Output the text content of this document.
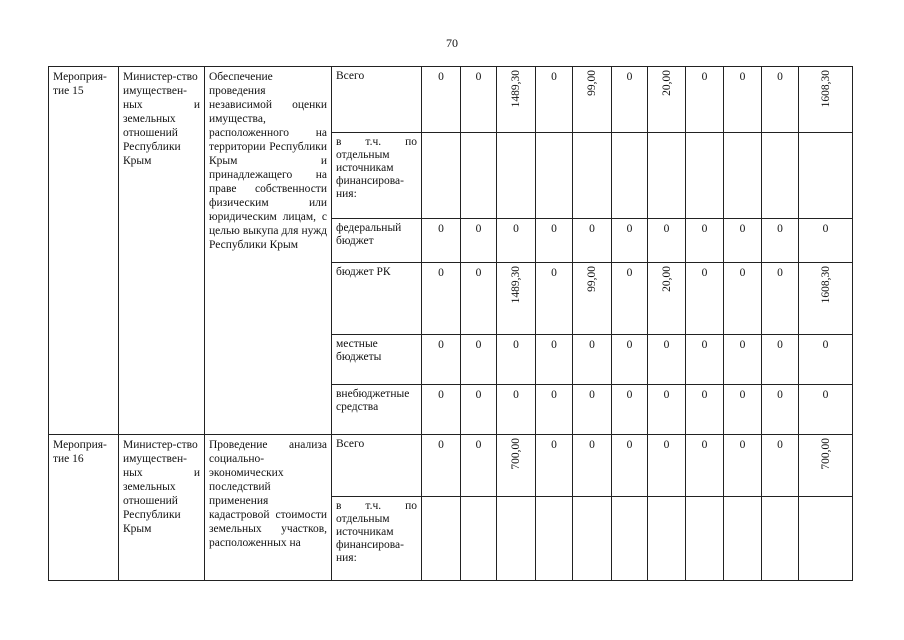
70
Мероприя-тие 15	Министер-ство имуществен-ных и земельных отношений Республики Крым	Обеспечение проведения независимой оценки имущества, расположенного на территории Республики Крым и принадлежащего на праве собственности физическим или юридическим лицам, с целью выкупа для нужд Республики Крым	Всего	0	0	1489,30	0	99,00	0	20,00	0	0	0	1608,30
			в т.ч. по отдельным источникам финансирова-ния:											
			федеральный бюджет	0	0	0	0	0	0	0	0	0	0	0
			бюджет РК	0	0	1489,30	0	99,00	0	20,00	0	0	0	1608,30
			местные бюджеты	0	0	0	0	0	0	0	0	0	0	0
			внебюджетные средства	0	0	0	0	0	0	0	0	0	0	0
Мероприя-тие 16	Министер-ство имуществен-ных и земельных отношений Республики Крым	Проведение анализа социально-экономических последствий применения кадастровой стоимости земельных участков, расположенных на	Всего	0	0	700,00	0	0	0	0	0	0	0	700,00
			в т.ч. по отдельным источникам финансирова-ния:											
